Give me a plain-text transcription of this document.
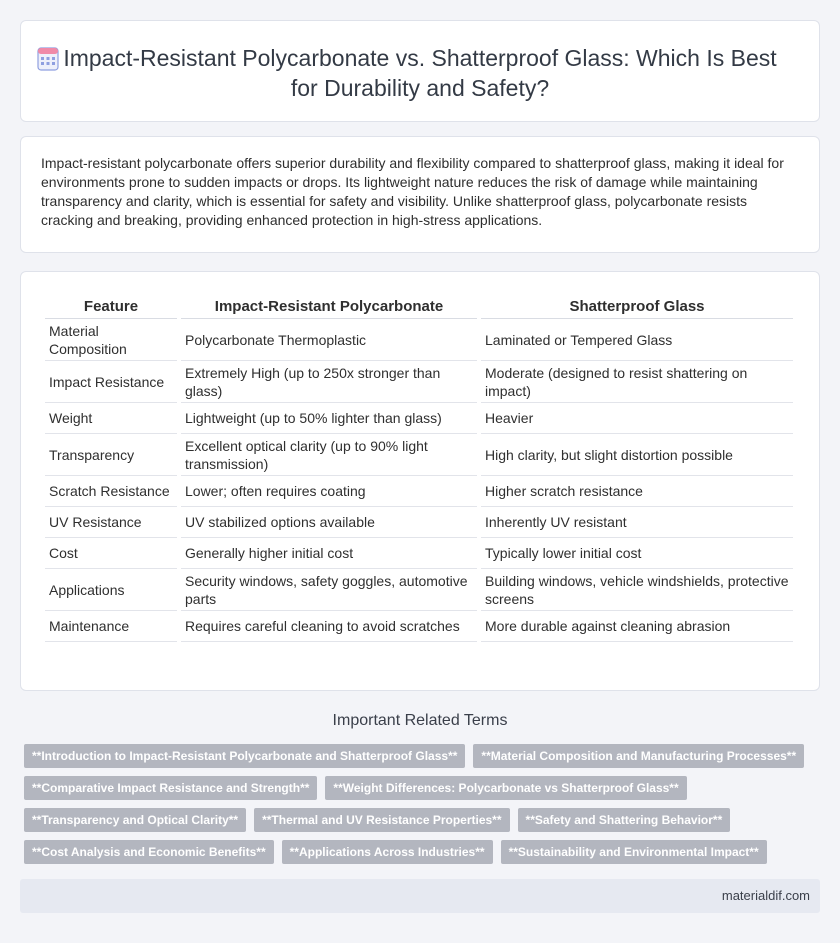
Impact-Resistant Polycarbonate vs. Shatterproof Glass: Which Is Best for Durability and Safety?

Impact-resistant polycarbonate offers superior durability and flexibility compared to shatterproof glass, making it ideal for environments prone to sudden impacts or drops. Its lightweight nature reduces the risk of damage while maintaining transparency and clarity, which is essential for safety and visibility. Unlike shatterproof glass, polycarbonate resists cracking and breaking, providing enhanced protection in high-stress applications.

Feature	Impact-Resistant Polycarbonate	Shatterproof Glass
Material Composition	Polycarbonate Thermoplastic	Laminated or Tempered Glass
Impact Resistance	Extremely High (up to 250x stronger than glass)	Moderate (designed to resist shattering on impact)
Weight	Lightweight (up to 50% lighter than glass)	Heavier
Transparency	Excellent optical clarity (up to 90% light transmission)	High clarity, but slight distortion possible
Scratch Resistance	Lower; often requires coating	Higher scratch resistance
UV Resistance	UV stabilized options available	Inherently UV resistant
Cost	Generally higher initial cost	Typically lower initial cost
Applications	Security windows, safety goggles, automotive parts	Building windows, vehicle windshields, protective screens
Maintenance	Requires careful cleaning to avoid scratches	More durable against cleaning abrasion
Important Related Terms
**Introduction to Impact-Resistant Polycarbonate and Shatterproof Glass**	**Material Composition and Manufacturing Processes**
**Comparative Impact Resistance and Strength**	**Weight Differences: Polycarbonate vs Shatterproof Glass**
**Transparency and Optical Clarity**	**Thermal and UV Resistance Properties**	**Safety and Shattering Behavior**
**Cost Analysis and Economic Benefits**	**Applications Across Industries**	**Sustainability and Environmental Impact**
materialdif.com
